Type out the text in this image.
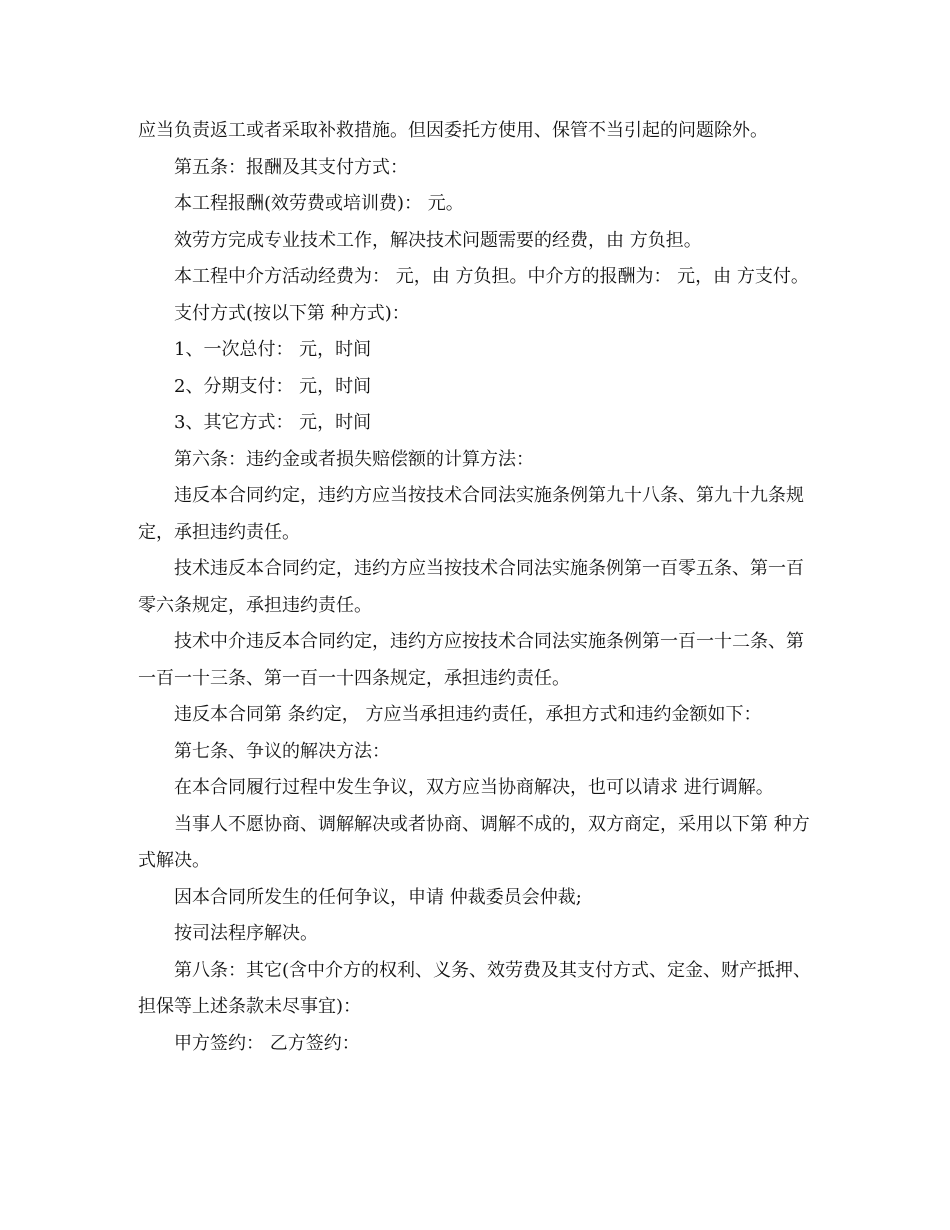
应当负责返工或者采取补救措施。但因委托方使用、保管不当引起的问题除外。

第五条：报酬及其支付方式：

本工程报酬(效劳费或培训费)： 元。

效劳方完成专业技术工作，解决技术问题需要的经费，由 方负担。

本工程中介方活动经费为： 元，由 方负担。中介方的报酬为： 元，由 方支付。

支付方式(按以下第 种方式)：

1、一次总付： 元，时间

2、分期支付： 元，时间

3、其它方式： 元，时间

第六条：违约金或者损失赔偿额的计算方法：

违反本合同约定，违约方应当按技术合同法实施条例第九十八条、第九十九条规定，承担违约责任。

技术违反本合同约定，违约方应当按技术合同法实施条例第一百零五条、第一百零六条规定，承担违约责任。

技术中介违反本合同约定，违约方应按技术合同法实施条例第一百一十二条、第一百一十三条、第一百一十四条规定，承担违约责任。

违反本合同第 条约定， 方应当承担违约责任，承担方式和违约金额如下：

第七条、争议的解决方法：

在本合同履行过程中发生争议，双方应当协商解决，也可以请求 进行调解。

当事人不愿协商、调解解决或者协商、调解不成的，双方商定，采用以下第 种方式解决。

因本合同所发生的任何争议，申请 仲裁委员会仲裁;

按司法程序解决。

第八条：其它(含中介方的权利、义务、效劳费及其支付方式、定金、财产抵押、担保等上述条款未尽事宜)：

甲方签约： 乙方签约：
